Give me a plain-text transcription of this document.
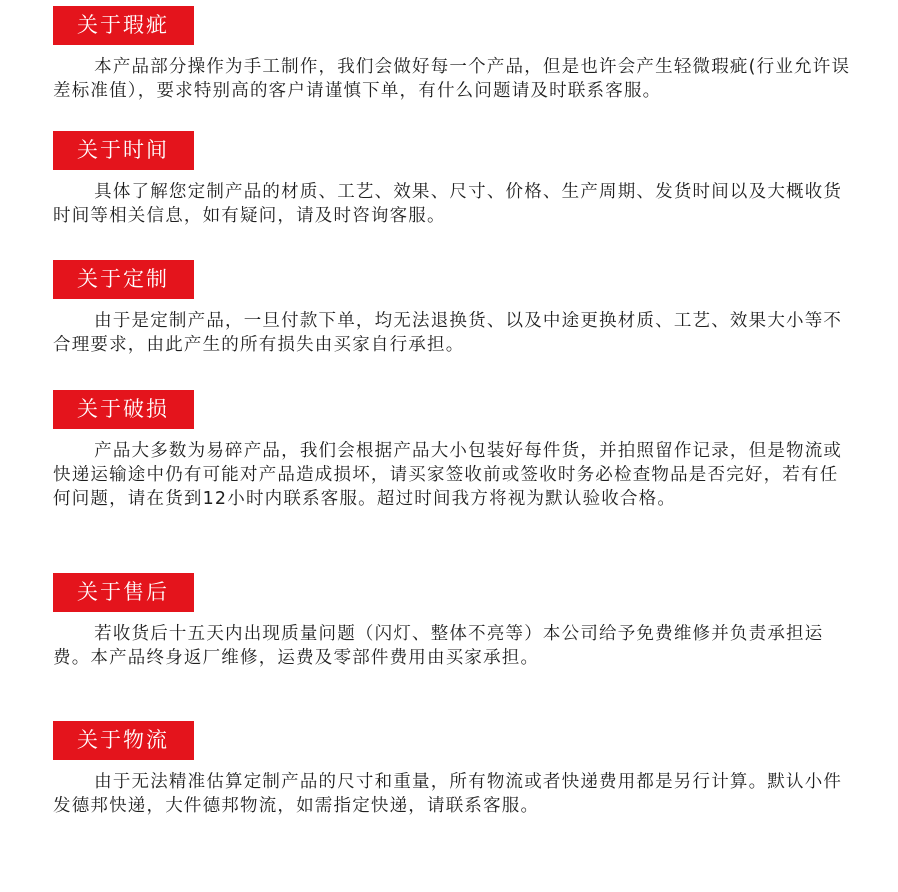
关于瑕疵

本产品部分操作为手工制作，我们会做好每一个产品，但是也许会产生轻微瑕疵(行业允许误差标准值），要求特别高的客户请谨慎下单，有什么问题请及时联系客服。

关于时间

具体了解您定制产品的材质、工艺、效果、尺寸、价格、生产周期、发货时间以及大概收货时间等相关信息，如有疑问，请及时咨询客服。

关于定制

由于是定制产品，一旦付款下单，均无法退换货、以及中途更换材质、工艺、效果大小等不合理要求，由此产生的所有损失由买家自行承担。

关于破损

产品大多数为易碎产品，我们会根据产品大小包装好每件货，并拍照留作记录，但是物流或快递运输途中仍有可能对产品造成损坏，请买家签收前或签收时务必检查物品是否完好，若有任何问题，请在货到12小时内联系客服。超过时间我方将视为默认验收合格。

关于售后

若收货后十五天内出现质量问题（闪灯、整体不亮等）本公司给予免费维修并负责承担运费。本产品终身返厂维修，运费及零部件费用由买家承担。

关于物流

由于无法精准估算定制产品的尺寸和重量，所有物流或者快递费用都是另行计算。默认小件发德邦快递，大件德邦物流，如需指定快递，请联系客服。
